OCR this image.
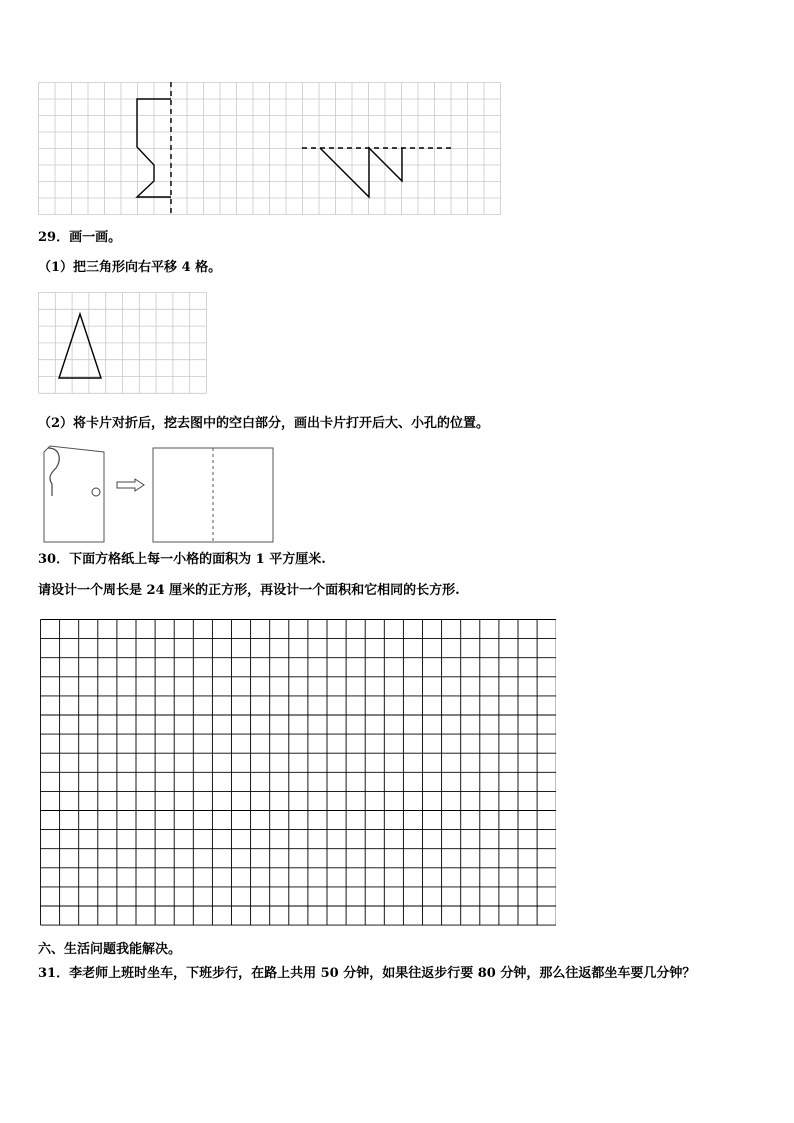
29．画一画。
（1）把三角形向右平移 4 格。
（2）将卡片对折后，挖去图中的空白部分，画出卡片打开后大、小孔的位置。
30．下面方格纸上每一小格的面积为 1 平方厘米.
请设计一个周长是 24 厘米的正方形，再设计一个面积和它相同的长方形.
六、生活问题我能解决。
31．李老师上班时坐车，下班步行，在路上共用 50 分钟，如果往返步行要 80 分钟，那么往返都坐车要几分钟？
